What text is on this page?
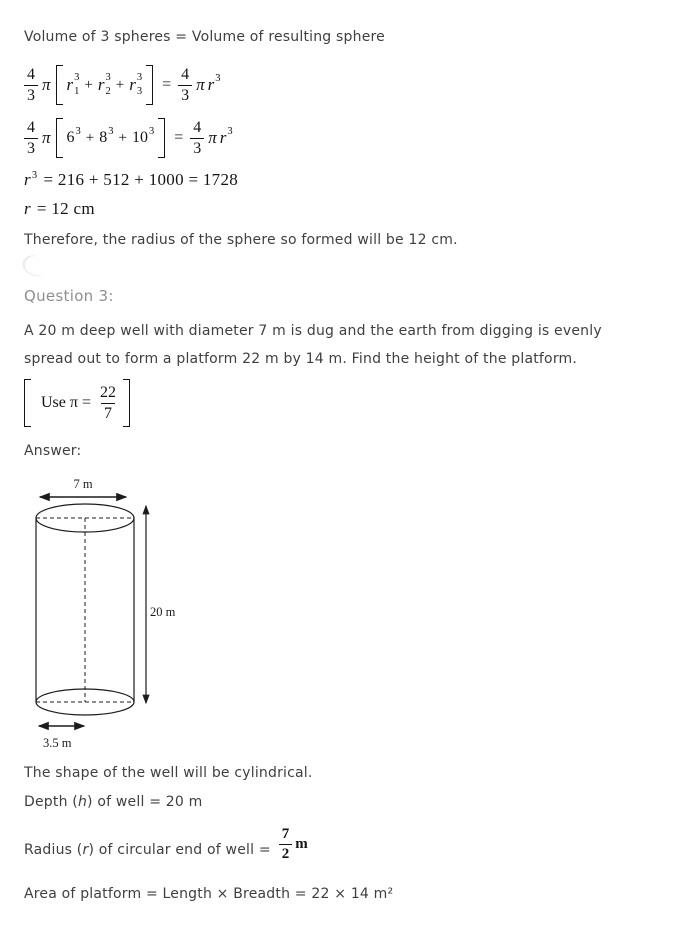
Volume of 3 spheres = Volume of resulting sphere
$\frac{4}{3}$ π r 3
1 + r 3
2 + r 3
$3 = \frac{4}{3}$ π r 3
$\frac{4}{3}$ π 6 3 + 8 3 + 10 $3 = \frac{4}{3}$ π r 3
$r^3 = 216 + 512 + 1000 = 1728$
r = 12 cm
Therefore, the radius of the sphere so formed will be 12 cm.
Question 3:
A 20 m deep well with diameter 7 m is dug and the earth from digging is evenly
spread out to form a platform 22 m by 14 m. Find the height of the platform.
Use $\pi = \frac{22}{7}$
Answer:
7 m
20 m
3.5 m
The shape of the well will be cylindrical.
Depth (h) of well = 20 m
Radius (r) of circular end of well = $\frac{7}{2}$ m
Area of platform = Length × Breadth = 22 × 14 m²
